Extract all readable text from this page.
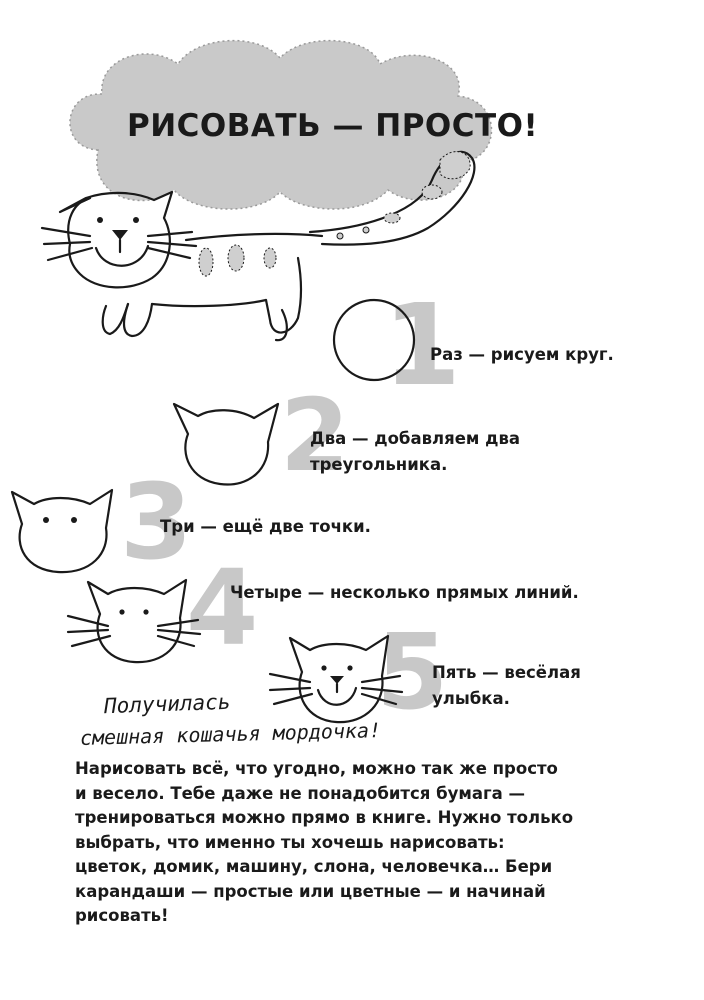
РИСОВАТЬ — ПРОСТО!
1
Раз — рисуем круг.
2
Два — добавляем два
треугольника.
3
Три — ещё две точки.
4
Четыре — несколько прямых линий.
5
Пять — весёлая
улыбка.
Получилась
смешная кошачья мордочка!
Нарисовать всё, что угодно, можно так же просто
и весело. Тебе даже не понадобится бумага —
тренироваться можно прямо в книге. Нужно только
выбрать, что именно ты хочешь нарисовать:
цветок, домик, машину, слона, человечка… Бери
карандаши — простые или цветные — и начинай
рисовать!
